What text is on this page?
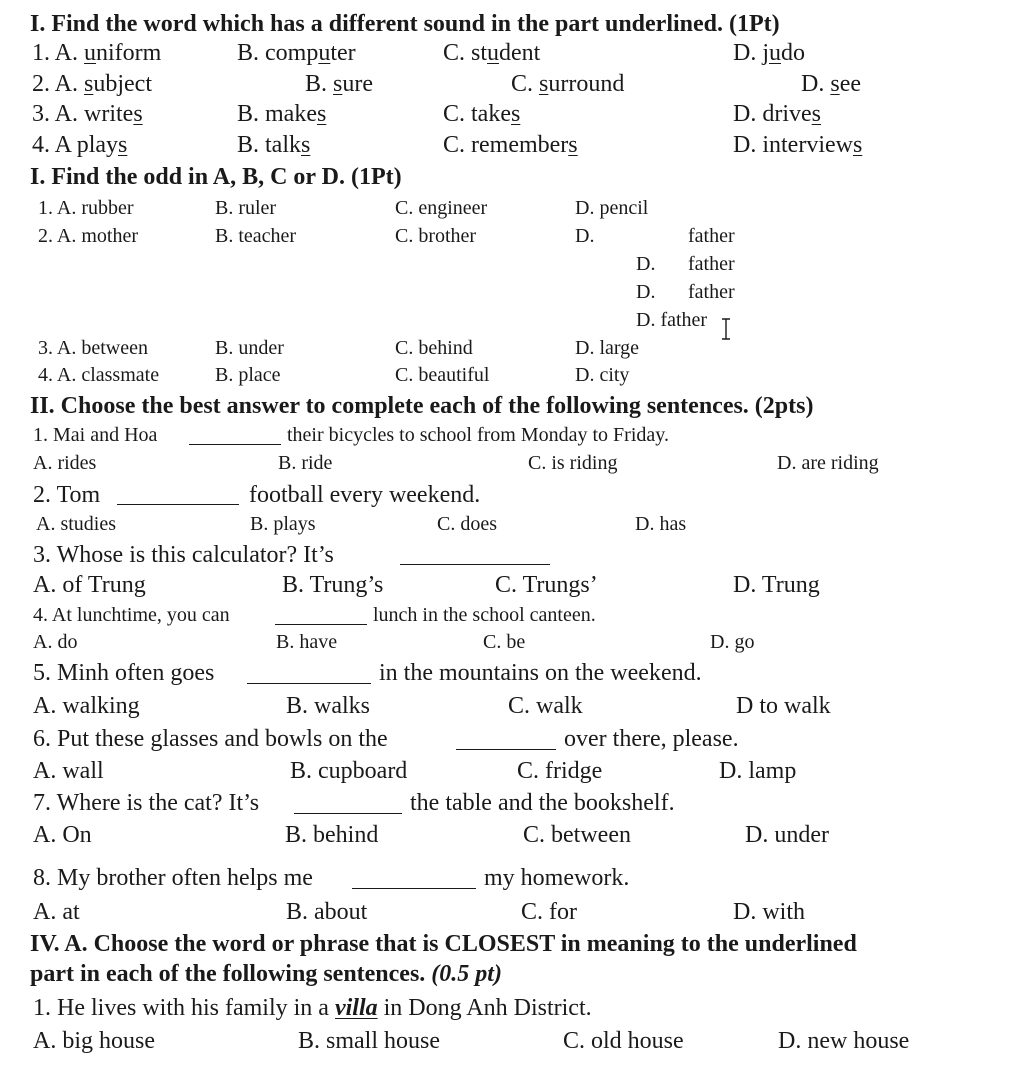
I. Find the word which has a different sound in the part underlined. (1Pt)
1. A. uniform	B. computer	C. student	D. judo
2. A. subject	B. sure	C. surround	D. see
3. A. writes	B. makes	C. takes	D. drives
4. A plays	B. talks	C. remembers	D. interviews
I. Find the odd in A, B, C or D. (1Pt)
1. A. rubber	B. ruler	C. engineer	D. pencil
2. A. mother	B. teacher	C. brother	D.	father
D. father
D. father
D. father
3. A. between	B. under	C. behind	D. large
4. A. classmate	B. place	C. beautiful	D. city
II. Choose the best answer to complete each of the following sentences. (2pts)
1. Mai and Hoa	their bicycles to school from Monday to Friday.
A. rides	B. ride	C. is riding	D. are riding
2. Tom	football every weekend.
A. studies	B. plays	C. does	D. has
3. Whose is this calculator? It’s
A. of Trung	B. Trung’s	C. Trungs’	D. Trung
4. At lunchtime, you can	lunch in the school canteen.
A. do	B. have	C. be	D. go
5. Minh often goes	in the mountains on the weekend.
A. walking	B. walks	C. walk	D to walk
6. Put these glasses and bowls on the	over there, please.
A. wall	B. cupboard	C. fridge	D. lamp
7. Where is the cat? It’s	the table and the bookshelf.
A. On	B. behind	C. between	D. under
8. My brother often helps me	my homework.
A. at	B. about	C. for	D. with
IV. A. Choose the word or phrase that is CLOSEST in meaning to the underlined
part in each of the following sentences. (0.5 pt)
1. He lives with his family in a villa in Dong Anh District.
A. big house	B. small house	C. old house	D. new house
